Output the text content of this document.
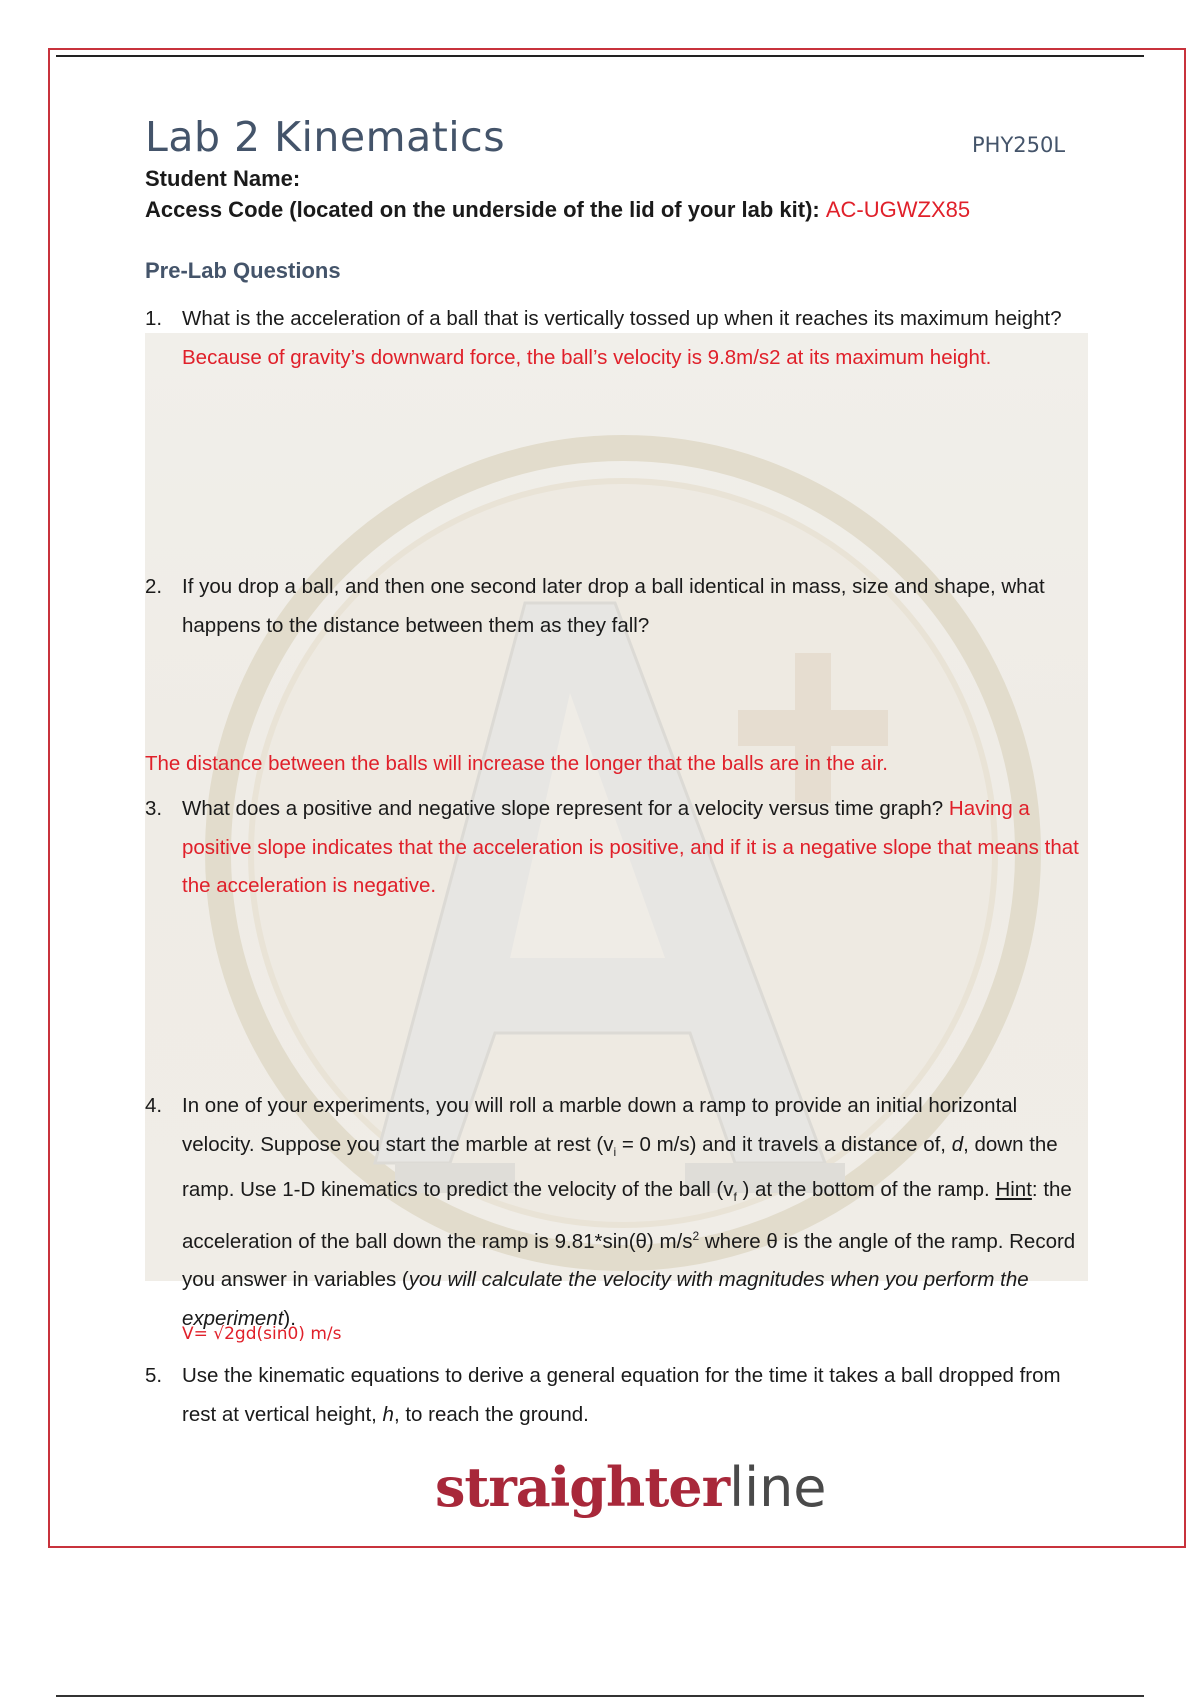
Lab 2 Kinematics	PHY250L
Student Name:
Access Code (located on the underside of the lid of your lab kit): AC-UGWZX85
Pre-Lab Questions
1. What is the acceleration of a ball that is vertically tossed up when it reaches its maximum height?
Because of gravity’s downward force, the ball’s velocity is 9.8m/s2 at its maximum height.
2. If you drop a ball, and then one second later drop a ball identical in mass, size and shape, what happens to the distance between them as they fall?
The distance between the balls will increase the longer that the balls are in the air.
3. What does a positive and negative slope represent for a velocity versus time graph? Having a positive slope indicates that the acceleration is positive, and if it is a negative slope that means that the acceleration is negative.
4. In one of your experiments, you will roll a marble down a ramp to provide an initial horizontal velocity. Suppose you start the marble at rest ($v_i = 0$ m/s) and it travels a distance of, d, down the ramp. Use 1-D kinematics to predict the velocity of the ball ($v_f$ ) at the bottom of the ramp. Hint: the acceleration of the ball down the ramp is 9.81*sin(θ) $m/s^2$ where θ is the angle of the ramp. Record you answer in variables (you will calculate the velocity with magnitudes when you perform the experiment).
V= √2gd(sin0) m/s
5. Use the kinematic equations to derive a general equation for the time it takes a ball dropped from rest at vertical height, h, to reach the ground.
straighterline
